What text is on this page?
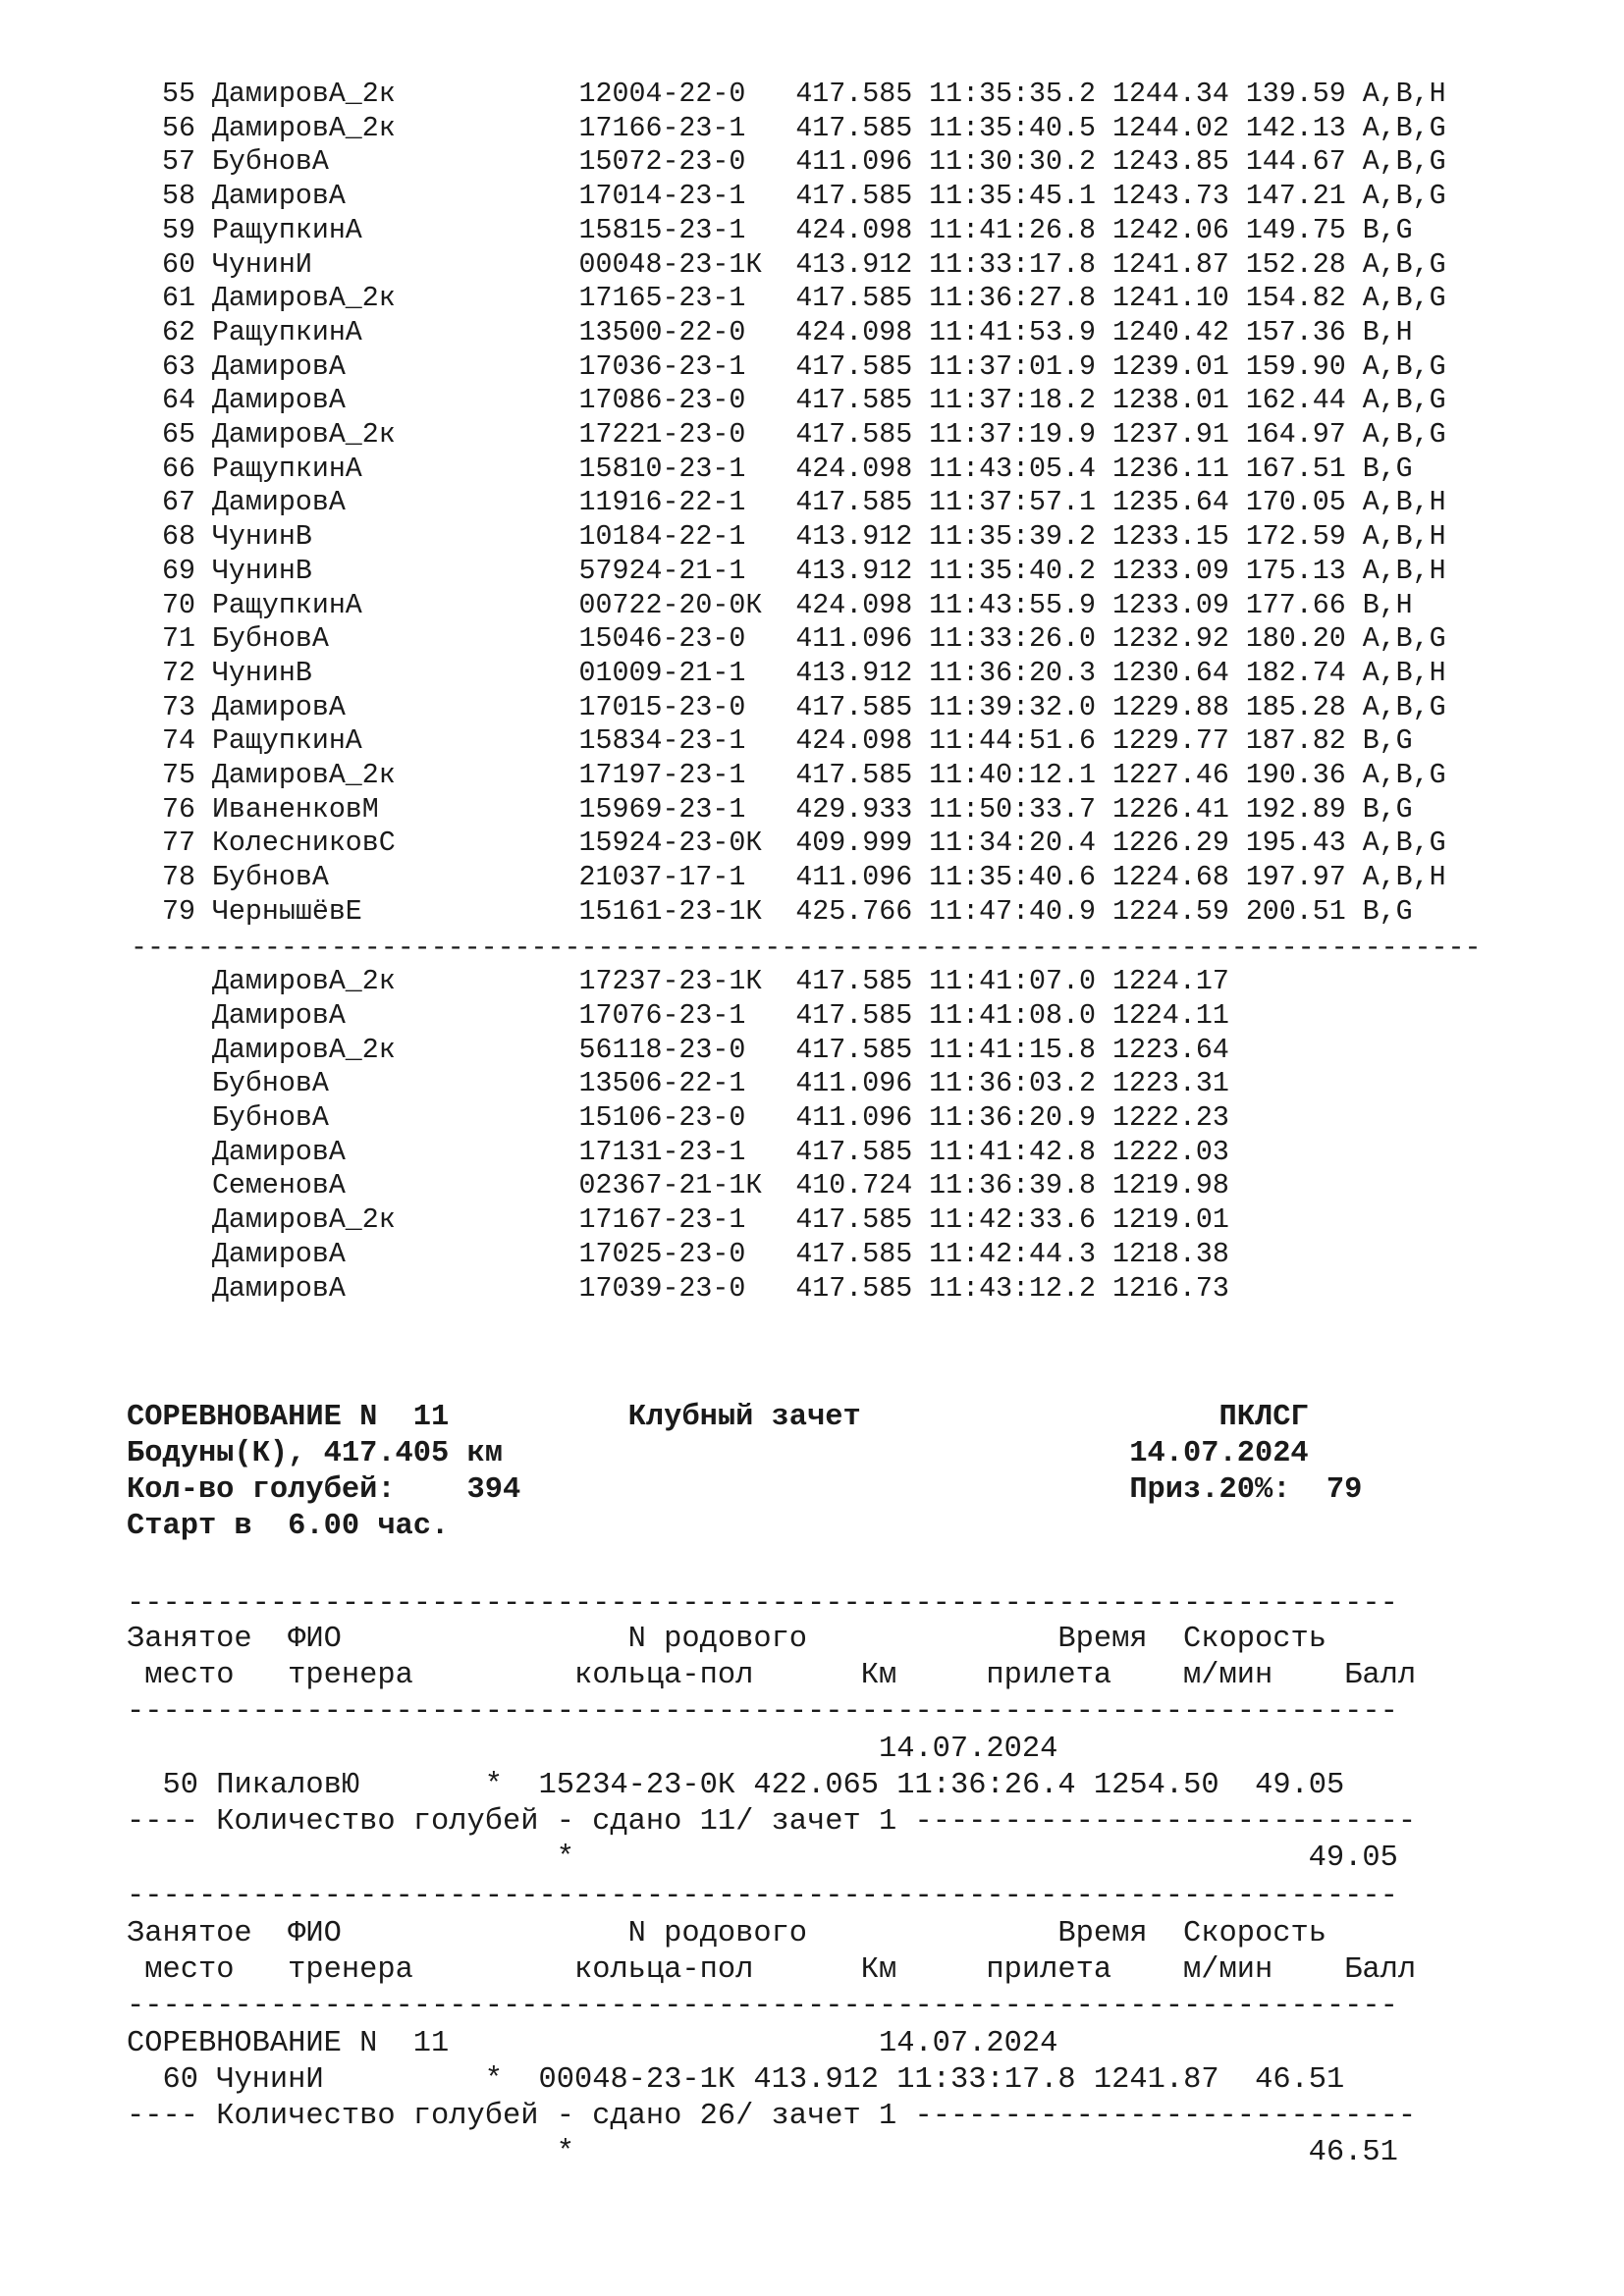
55 ДамировА_2к           12004-22-0   417.585 11:35:35.2 1244.34 139.59 A,B,H

56 ДамировА_2к           17166-23-1   417.585 11:35:40.5 1244.02 142.13 A,B,G

57 БубновА               15072-23-0   411.096 11:30:30.2 1243.85 144.67 A,B,G

58 ДамировА              17014-23-1   417.585 11:35:45.1 1243.73 147.21 A,B,G

59 РащупкинА             15815-23-1   424.098 11:41:26.8 1242.06 149.75 B,G

60 ЧунинИ                00048-23-1К  413.912 11:33:17.8 1241.87 152.28 A,B,G

61 ДамировА_2к           17165-23-1   417.585 11:36:27.8 1241.10 154.82 A,B,G

62 РащупкинА             13500-22-0   424.098 11:41:53.9 1240.42 157.36 B,H

63 ДамировА              17036-23-1   417.585 11:37:01.9 1239.01 159.90 A,B,G

64 ДамировА              17086-23-0   417.585 11:37:18.2 1238.01 162.44 A,B,G

65 ДамировА_2к           17221-23-0   417.585 11:37:19.9 1237.91 164.97 A,B,G

66 РащупкинА             15810-23-1   424.098 11:43:05.4 1236.11 167.51 B,G

67 ДамировА              11916-22-1   417.585 11:37:57.1 1235.64 170.05 A,B,H

68 ЧунинВ                10184-22-1   413.912 11:35:39.2 1233.15 172.59 A,B,H

69 ЧунинВ                57924-21-1   413.912 11:35:40.2 1233.09 175.13 A,B,H

70 РащупкинА             00722-20-0К  424.098 11:43:55.9 1233.09 177.66 B,H

71 БубновА               15046-23-0   411.096 11:33:26.0 1232.92 180.20 A,B,G

72 ЧунинВ                01009-21-1   413.912 11:36:20.3 1230.64 182.74 A,B,H

73 ДамировА              17015-23-0   417.585 11:39:32.0 1229.88 185.28 A,B,G

74 РащупкинА             15834-23-1   424.098 11:44:51.6 1229.77 187.82 B,G

75 ДамировА_2к           17197-23-1   417.585 11:40:12.1 1227.46 190.36 A,B,G

76 ИваненковМ            15969-23-1   429.933 11:50:33.7 1226.41 192.89 B,G

77 КолесниковС           15924-23-0К  409.999 11:34:20.4 1226.29 195.43 A,B,G

78 БубновА               21037-17-1   411.096 11:35:40.6 1224.68 197.97 A,B,H

79 ЧернышёвЕ             15161-23-1К  425.766 11:47:40.9 1224.59 200.51 B,G

---------------------------------------------------------------------------------

ДамировА_2к           17237-23-1К  417.585 11:41:07.0 1224.17

ДамировА              17076-23-1   417.585 11:41:08.0 1224.11

ДамировА_2к           56118-23-0   417.585 11:41:15.8 1223.64

БубновА               13506-22-1   411.096 11:36:03.2 1223.31

БубновА               15106-23-0   411.096 11:36:20.9 1222.23

ДамировА              17131-23-1   417.585 11:41:42.8 1222.03

СеменовА              02367-21-1К  410.724 11:36:39.8 1219.98

ДамировА_2к           17167-23-1   417.585 11:42:33.6 1219.01

ДамировА              17025-23-0   417.585 11:42:44.3 1218.38

ДамировА              17039-23-0   417.585 11:43:12.2 1216.73

СОРЕВНОВАНИЕ N  11          Клубный зачет                    ПКЛСГ

Бодуны(К), 417.405 км                                   14.07.2024

Кол-во голубей:    394	Приз.20%:  79

Старт в  6.00 час.

-----------------------------------------------------------------------

Занятое ФИО                N родового              Время Скорость

место тренера         кольца-пол      Км     прилета    м/мин    Балл

-----------------------------------------------------------------------

14.07.2024

50 ПикаловЮ       * 15234-23-0К 422.065 11:36:26.4 1254.50  49.05

---- Количество голубей - сдано 11/ зачет 1 ----------------------------

*                                         49.05

-----------------------------------------------------------------------

Занятое ФИО                N родового              Время Скорость

место тренера         кольца-пол      Км     прилета    м/мин    Балл

-----------------------------------------------------------------------

СОРЕВНОВАНИЕ N  11                        14.07.2024

60 ЧунинИ         * 00048-23-1К 413.912 11:33:17.8 1241.87  46.51

---- Количество голубей - сдано 26/ зачет 1 ----------------------------

*                                         46.51
